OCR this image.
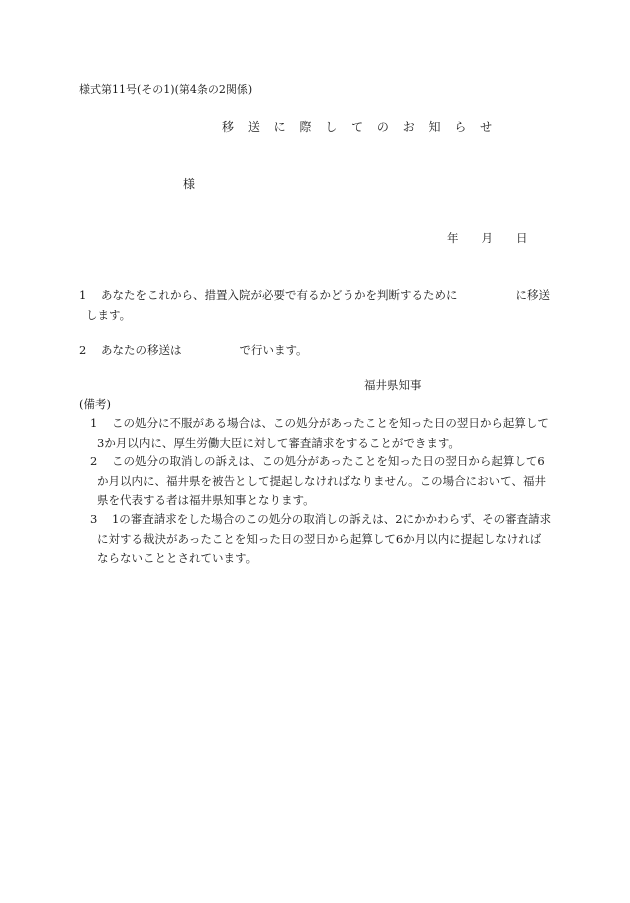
様式第11号(その1)(第4条の2関係)
移 送 に 際 し て の お 知 ら せ
様
年 月 日
1 あなたをこれから、措置入院が必要で有るかどうかを判断するために	に移送
します。
2 あなたの移送は	で行います。
福井県知事
(備考)
1 この処分に不服がある場合は、この処分があったことを知った日の翌日から起算して
3か月以内に、厚生労働大臣に対して審査請求をすることができます。
2 この処分の取消しの訴えは、この処分があったことを知った日の翌日から起算して6
か月以内に、福井県を被告として提起しなければなりません。この場合において、福井
県を代表する者は福井県知事となります。
3 1の審査請求をした場合のこの処分の取消しの訴えは、2にかかわらず、その審査請求
に対する裁決があったことを知った日の翌日から起算して6か月以内に提起しなければ
ならないこととされています。
